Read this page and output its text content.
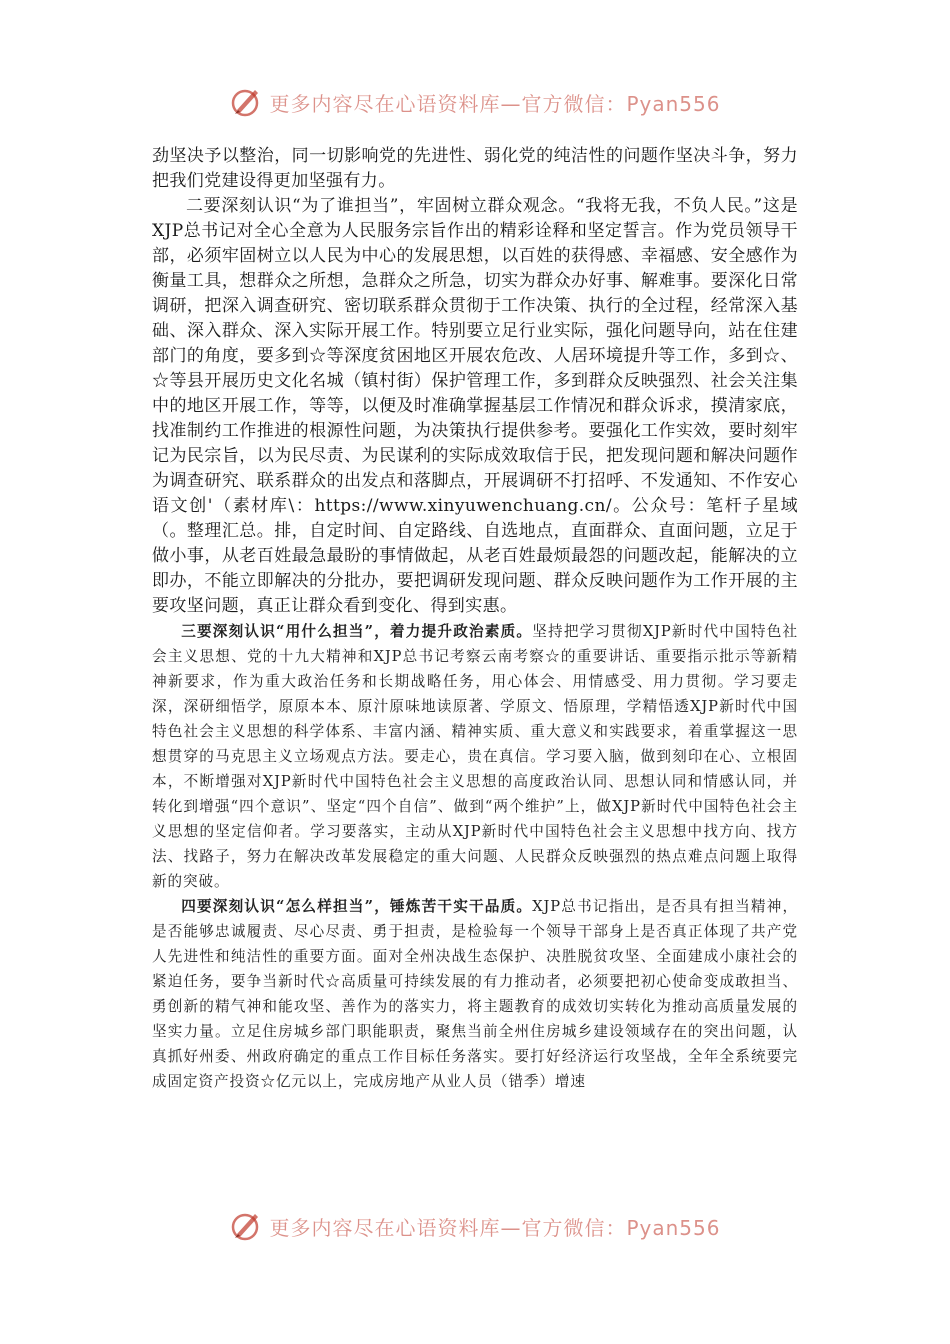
更多内容尽在心语资料库—官方微信：Pyan556

劲坚决予以整治，同一切影响党的先进性、弱化党的纯洁性的问题作坚决斗争，努力把我们党建设得更加坚强有力。

二要深刻认识“为了谁担当”，牢固树立群众观念。“我将无我，不负人民。”这是XJP总书记对全心全意为人民服务宗旨作出的精彩诠释和坚定誓言。作为党员领导干部，必须牢固树立以人民为中心的发展思想，以百姓的获得感、幸福感、安全感作为衡量工具，想群众之所想，急群众之所急，切实为群众办好事、解难事。要深化日常调研，把深入调查研究、密切联系群众贯彻于工作决策、执行的全过程，经常深入基础、深入群众、深入实际开展工作。特别要立足行业实际，强化问题导向，站在住建部门的角度，要多到☆等深度贫困地区开展农危改、人居环境提升等工作，多到☆、☆等县开展历史文化名城（镇村街）保护管理工作，多到群众反映强烈、社会关注集中的地区开展工作，等等，以便及时准确掌握基层工作情况和群众诉求，摸清家底，找准制约工作推进的根源性问题，为决策执行提供参考。要强化工作实效，要时刻牢记为民宗旨，以为民尽责、为民谋利的实际成效取信于民，把发现问题和解决问题作为调查研究、联系群众的出发点和落脚点，开展调研不打招呼、不发通知、不作安心语文创'（素材库\：https://www.xinyuwenchuang.cn/。公众号：笔杆子星域（。整理汇总。排，自定时间、自定路线、自选地点，直面群众、直面问题，立足于做小事，从老百姓最急最盼的事情做起，从老百姓最烦最怨的问题改起，能解决的立即办，不能立即解决的分批办，要把调研发现问题、群众反映问题作为工作开展的主要攻坚问题，真正让群众看到变化、得到实惠。

三要深刻认识“用什么担当”，着力提升政治素质。坚持把学习贯彻XJP新时代中国特色社会主义思想、党的十九大精神和XJP总书记考察云南考察☆的重要讲话、重要指示批示等新精神新要求，作为重大政治任务和长期战略任务，用心体会、用情感受、用力贯彻。学习要走深，深研细悟学，原原本本、原汁原味地读原著、学原文、悟原理，学精悟透XJP新时代中国特色社会主义思想的科学体系、丰富内涵、精神实质、重大意义和实践要求，着重掌握这一思想贯穿的马克思主义立场观点方法。要走心，贵在真信。学习要入脑，做到刻印在心、立根固本，不断增强对XJP新时代中国特色社会主义思想的高度政治认同、思想认同和情感认同，并转化到增强“四个意识”、坚定“四个自信”、做到“两个维护”上，做XJP新时代中国特色社会主义思想的坚定信仰者。学习要落实，主动从XJP新时代中国特色社会主义思想中找方向、找方法、找路子，努力在解决改革发展稳定的重大问题、人民群众反映强烈的热点难点问题上取得新的突破。

四要深刻认识“怎么样担当”，锤炼苦干实干品质。XJP总书记指出，是否具有担当精神，是否能够忠诚履责、尽心尽责、勇于担责，是检验每一个领导干部身上是否真正体现了共产党人先进性和纯洁性的重要方面。面对全州决战生态保护、决胜脱贫攻坚、全面建成小康社会的紧迫任务，要争当新时代☆高质量可持续发展的有力推动者，必须要把初心使命变成敢担当、勇创新的精气神和能攻坚、善作为的落实力，将主题教育的成效切实转化为推动高质量发展的坚实力量。立足住房城乡部门职能职责，聚焦当前全州住房城乡建设领域存在的突出问题，认真抓好州委、州政府确定的重点工作目标任务落实。要打好经济运行攻坚战，全年全系统要完成固定资产投资☆亿元以上，完成房地产从业人员（错季）增速

更多内容尽在心语资料库—官方微信：Pyan556
